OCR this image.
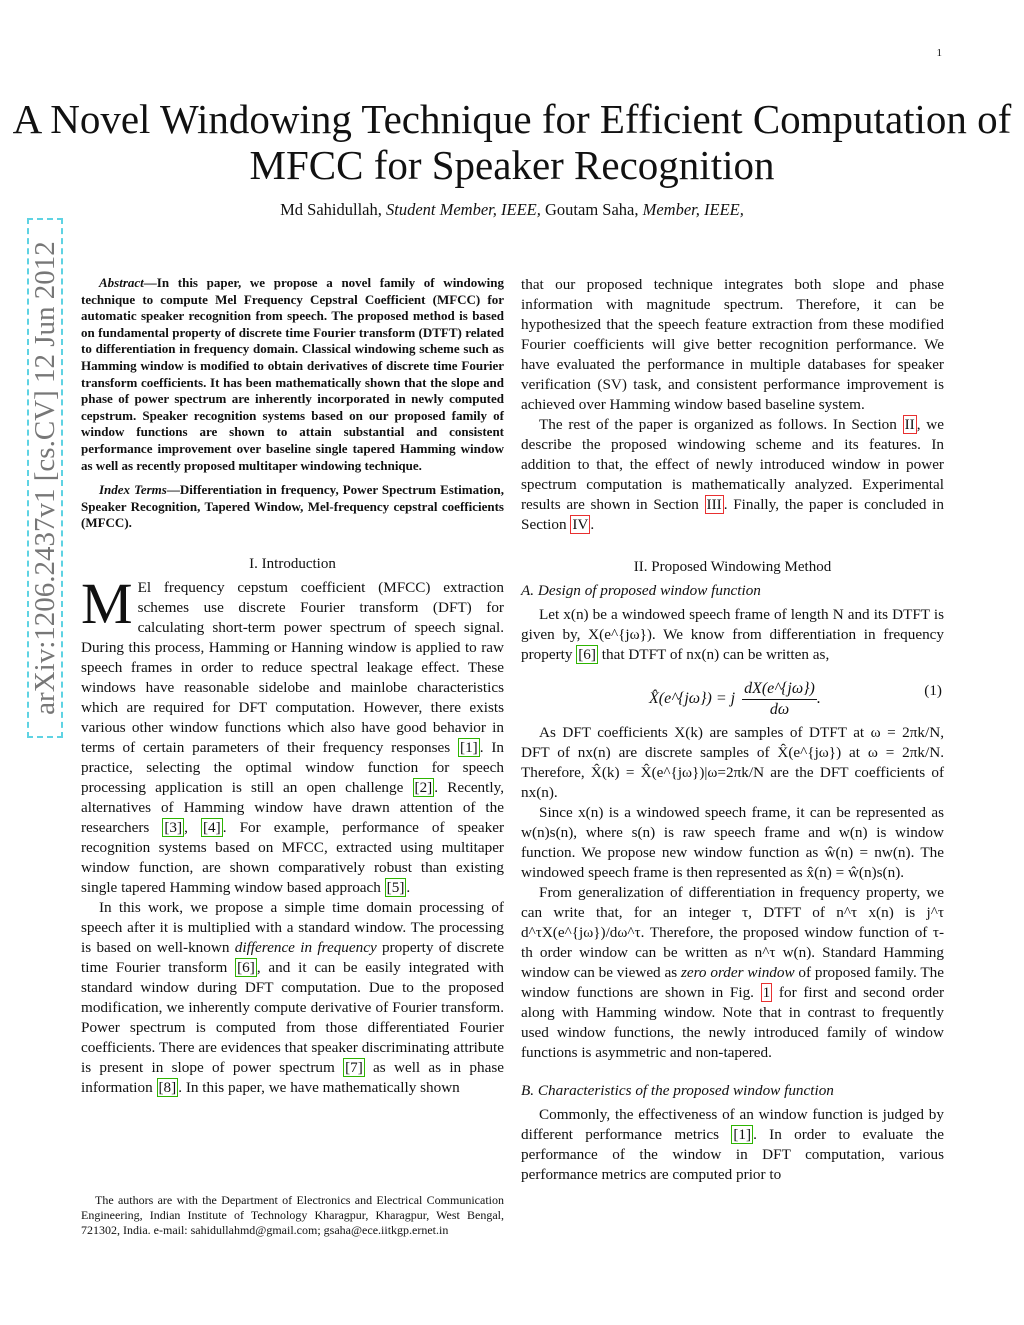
1
arXiv:1206.2437v1 [cs.CV] 12 Jun 2012
A Novel Windowing Technique for Efficient Computation of MFCC for Speaker Recognition
Md Sahidullah, Student Member, IEEE, Goutam Saha, Member, IEEE,

Abstract—In this paper, we propose a novel family of windowing technique to compute Mel Frequency Cepstral Coefficient (MFCC) for automatic speaker recognition from speech. The proposed method is based on fundamental property of discrete time Fourier transform (DTFT) related to differentiation in frequency domain. Classical windowing scheme such as Hamming window is modified to obtain derivatives of discrete time Fourier transform coefficients. It has been mathematically shown that the slope and phase of power spectrum are inherently incorporated in newly computed cepstrum. Speaker recognition systems based on our proposed family of window functions are shown to attain substantial and consistent performance improvement over baseline single tapered Hamming window as well as recently proposed multitaper windowing technique.

Index Terms—Differentiation in frequency, Power Spectrum Estimation, Speaker Recognition, Tapered Window, Mel-frequency cepstral coefficients (MFCC).

I. Introduction

M El frequency cepstum coefficient (MFCC) extraction schemes use discrete Fourier transform (DFT) for calculating short-term power spectrum of speech signal. During this process, Hamming or Hanning window is applied to raw speech frames in order to reduce spectral leakage effect. These windows have reasonable sidelobe and mainlobe characteristics which are required for DFT computation. However, there exists various other window functions which also have good behavior in terms of certain parameters of their frequency responses [1] . In practice, selecting the optimal window function for speech processing application is still an open challenge [2] . Recently, alternatives of Hamming window have drawn attention of the researchers [3] , [4] . For example, performance of speaker recognition systems based on MFCC, extracted using multitaper window function, are shown comparatively robust than existing single tapered Hamming window based approach [5] .

In this work, we propose a simple time domain processing of speech after it is multiplied with a standard window. The processing is based on well-known difference in frequency property of discrete time Fourier transform [6] , and it can be easily integrated with standard window during DFT computation. Due to the proposed modification, we inherently compute derivative of Fourier transform. Power spectrum is computed from those differentiated Fourier coefficients. There are evidences that speaker discriminating attribute is present in slope of power spectrum [7] as well as in phase information [8] . In this paper, we have mathematically shown

The authors are with the Department of Electronics and Electrical Communication Engineering, Indian Institute of Technology Kharagpur, Kharagpur, West Bengal, 721302, India. e-mail: sahidullahmd@gmail.com; gsaha@ece.iitkgp.ernet.in

that our proposed technique integrates both slope and phase information with magnitude spectrum. Therefore, it can be hypothesized that the speech feature extraction from these modified Fourier coefficients will give better recognition performance. We have evaluated the performance in multiple databases for speaker verification (SV) task, and consistent performance improvement is achieved over Hamming window based baseline system.

The rest of the paper is organized as follows. In Section II , we describe the proposed windowing scheme and its features. In addition to that, the effect of newly introduced window in power spectrum computation is mathematically analyzed. Experimental results are shown in Section III . Finally, the paper is concluded in Section IV .

II. Proposed Windowing Method

A. Design of proposed window function

Let x(n) be a windowed speech frame of length N and its DTFT is given by, X(e^{jω}). We know from differentiation in frequency property [6] that DTFT of nx(n) can be written as,

X̂(e^{jω}) = j $\frac{dX(e\^{}\{j\omega\})}{d\omega}$ .	(1)

As DFT coefficients X(k) are samples of DTFT at ω = 2πk/N, DFT of nx(n) are discrete samples of X̂(e^{jω}) at ω = 2πk/N. Therefore, X̂(k) = X̂(e^{jω})|ω=2πk/N are the DFT coefficients of nx(n).

Since x(n) is a windowed speech frame, it can be represented as w(n)s(n), where s(n) is raw speech frame and w(n) is window function. We propose new window function as ŵ(n) = nw(n). The windowed speech frame is then represented as x̂(n) = ŵ(n)s(n).

From generalization of differentiation in frequency property, we can write that, for an integer τ, DTFT of n^τ x(n) is j^τ d^τX(e^{jω})/dω^τ. Therefore, the proposed window function of τ-th order window can be written as n^τ w(n). Standard Hamming window can be viewed as zero order window of proposed family. The window functions are shown in Fig. 1 for first and second order along with Hamming window. Note that in contrast to frequently used window functions, the newly introduced family of window functions is asymmetric and non-tapered.

B. Characteristics of the proposed window function

Commonly, the effectiveness of an window function is judged by different performance metrics [1] . In order to evaluate the performance of the window in DFT computation, various performance metrics are computed prior to
